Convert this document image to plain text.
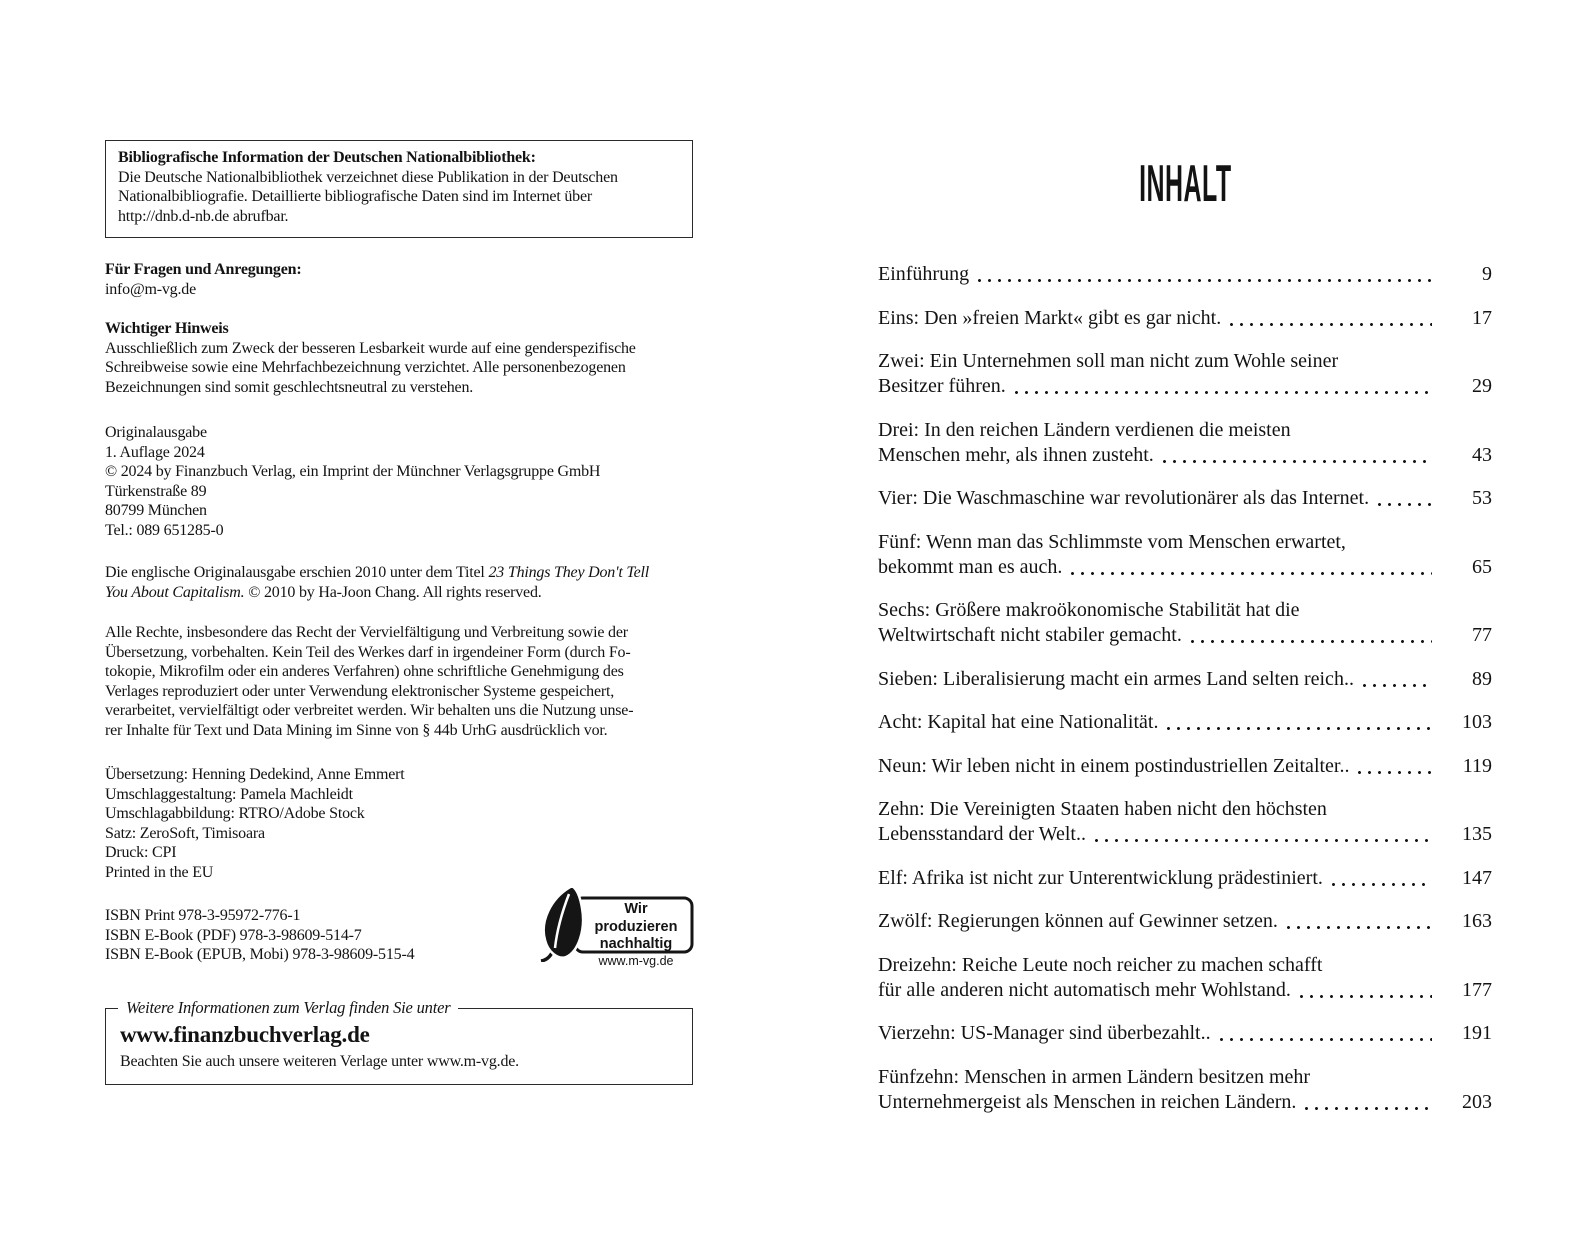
Bibliografische Information der Deutschen Nationalbibliothek:
Die Deutsche Nationalbibliothek verzeichnet diese Publikation in der Deutschen
Nationalbibliografie. Detaillierte bibliografische Daten sind im Internet über
http://dnb.d-nb.de abrufbar.
Für Fragen und Anregungen:
info@m-vg.de
Wichtiger Hinweis
Ausschließlich zum Zweck der besseren Lesbarkeit wurde auf eine genderspezifische
Schreibweise sowie eine Mehrfachbezeichnung verzichtet. Alle personenbezogenen
Bezeichnungen sind somit geschlechtsneutral zu verstehen.
Originalausgabe
1. Auflage 2024
© 2024 by Finanzbuch Verlag, ein Imprint der Münchner Verlagsgruppe GmbH
Türkenstraße 89
80799 München
Tel.: 089 651285-0
Die englische Originalausgabe erschien 2010 unter dem Titel 23 Things They Don't Tell
You About Capitalism. © 2010 by Ha-Joon Chang. All rights reserved.
Alle Rechte, insbesondere das Recht der Vervielfältigung und Verbreitung sowie der
Übersetzung, vorbehalten. Kein Teil des Werkes darf in irgendeiner Form (durch Fo-
tokopie, Mikrofilm oder ein anderes Verfahren) ohne schriftliche Genehmigung des
Verlages reproduziert oder unter Verwendung elektronischer Systeme gespeichert,
verarbeitet, vervielfältigt oder verbreitet werden. Wir behalten uns die Nutzung unse-
rer Inhalte für Text und Data Mining im Sinne von § 44b UrhG ausdrücklich vor.
Übersetzung: Henning Dedekind, Anne Emmert
Umschlaggestaltung: Pamela Machleidt
Umschlagabbildung: RTRO/Adobe Stock
Satz: ZeroSoft, Timisoara
Druck: CPI
Printed in the EU
ISBN Print 978-3-95972-776-1
ISBN E-Book (PDF) 978-3-98609-514-7
ISBN E-Book (EPUB, Mobi) 978-3-98609-515-4
Wir produzieren
nachhaltig
www.m-vg.de
Weitere Informationen zum Verlag finden Sie unter
www.finanzbuchverlag.de
Beachten Sie auch unsere weiteren Verlage unter www.m-vg.de.
INHALT
Einführung	9
Eins: Den »freien Markt« gibt es gar nicht.	17
Zwei: Ein Unternehmen soll man nicht zum Wohle seiner
Besitzer führen.	29
Drei: In den reichen Ländern verdienen die meisten
Menschen mehr, als ihnen zusteht.	43
Vier: Die Waschmaschine war revolutionärer als das Internet.	53
Fünf: Wenn man das Schlimmste vom Menschen erwartet,
bekommt man es auch.	65
Sechs: Größere makroökonomische Stabilität hat die
Weltwirtschaft nicht stabiler gemacht.	77
Sieben: Liberalisierung macht ein armes Land selten reich..	89
Acht: Kapital hat eine Nationalität.	103
Neun: Wir leben nicht in einem postindustriellen Zeitalter..	119
Zehn: Die Vereinigten Staaten haben nicht den höchsten
Lebensstandard der Welt..	135
Elf: Afrika ist nicht zur Unterentwicklung prädestiniert.	147
Zwölf: Regierungen können auf Gewinner setzen.	163
Dreizehn: Reiche Leute noch reicher zu machen schafft
für alle anderen nicht automatisch mehr Wohlstand.	177
Vierzehn: US-Manager sind überbezahlt..	191
Fünfzehn: Menschen in armen Ländern besitzen mehr
Unternehmergeist als Menschen in reichen Ländern.	203
